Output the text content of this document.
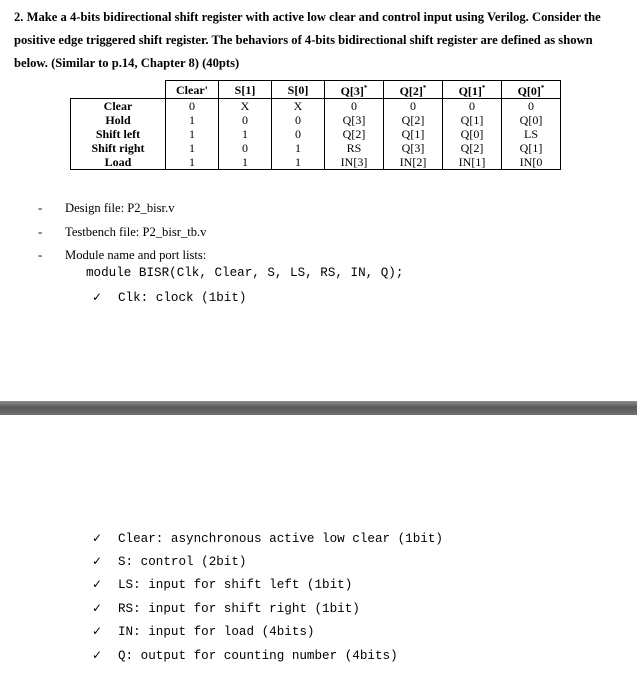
2. Make a 4-bits bidirectional shift register with active low clear and control input using Verilog. Consider the positive edge triggered shift register. The behaviors of 4-bits bidirectional shift register are defined as shown below. (Similar to p.14, Chapter 8) (40pts)
	Clear'	S[1]	S[0]	Q[3]*	Q[2]*	Q[1]*	Q[0]*
Clear	0	X	X	0	0	0	0
Hold	1	0	0	Q[3]	Q[2]	Q[1]	Q[0]
Shift left	1	1	0	Q[2]	Q[1]	Q[0]	LS
Shift right	1	0	1	RS	Q[3]	Q[2]	Q[1]
Load	1	1	1	IN[3]	IN[2]	IN[1]	IN[0
- Design file: P2_bisr.v
- Testbench file: P2_bisr_tb.v
- Module name and port lists:
module BISR(Clk, Clear, S, LS, RS, IN, Q);
✓ Clk: clock (1bit)
✓ Clear: asynchronous active low clear (1bit)
✓ S: control (2bit)
✓ LS: input for shift left (1bit)
✓ RS: input for shift right (1bit)
✓ IN: input for load (4bits)
✓ Q: output for counting number (4bits)
